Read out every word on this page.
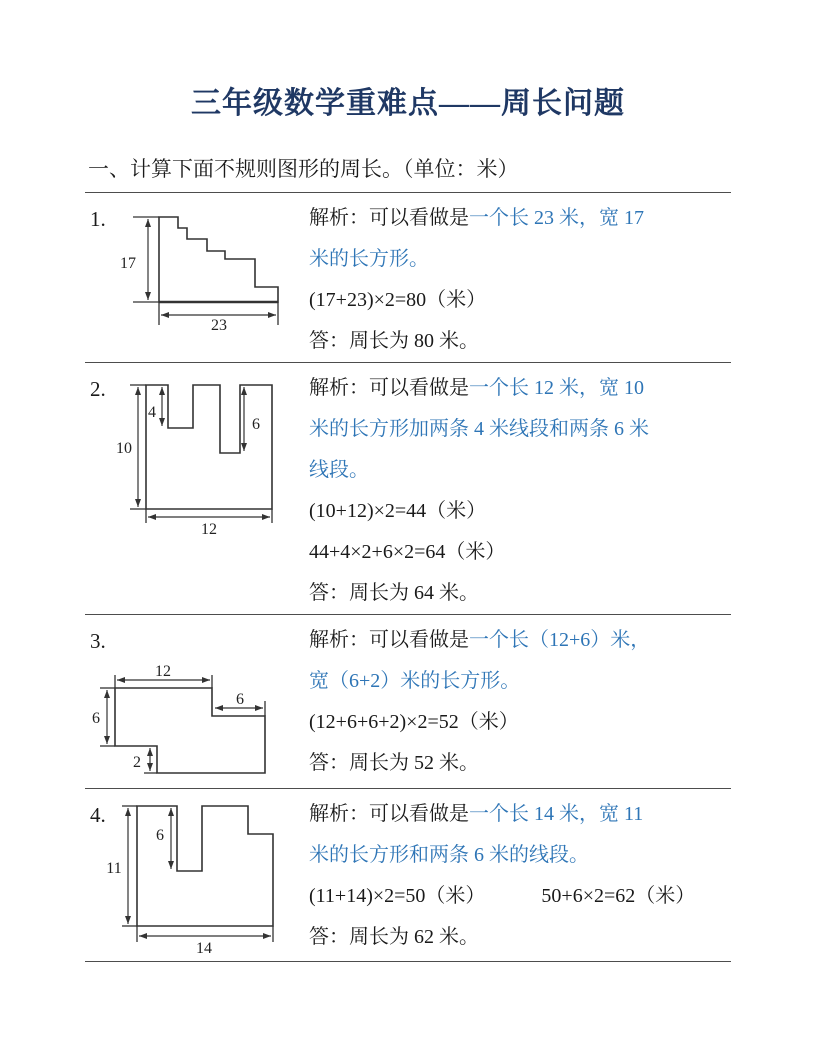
三年级数学重难点——周长问题
一、计算下面不规则图形的周长。（单位：米）
1.
17
23
解析：可以看做是一个长 23 米，宽 17
米的长方形。
(17+23)×2=80（米）
答：周长为 80 米。
2.
10
12
4
6
解析：可以看做是一个长 12 米，宽 10
米的长方形加两条 4 米线段和两条 6 米
线段。
(10+12)×2=44（米）
44+4×2+6×2=64（米）
答：周长为 64 米。
3.
12
6
6
2
解析：可以看做是一个长（12+6）米，
宽（6+2）米的长方形。
(12+6+6+2)×2=52（米）
答：周长为 52 米。
4.
11
14
6
解析：可以看做是一个长 14 米，宽 11
米的长方形和两条 6 米的线段。
(11+14)×2=50（米）	50+6×2=62（米）
答：周长为 62 米。
